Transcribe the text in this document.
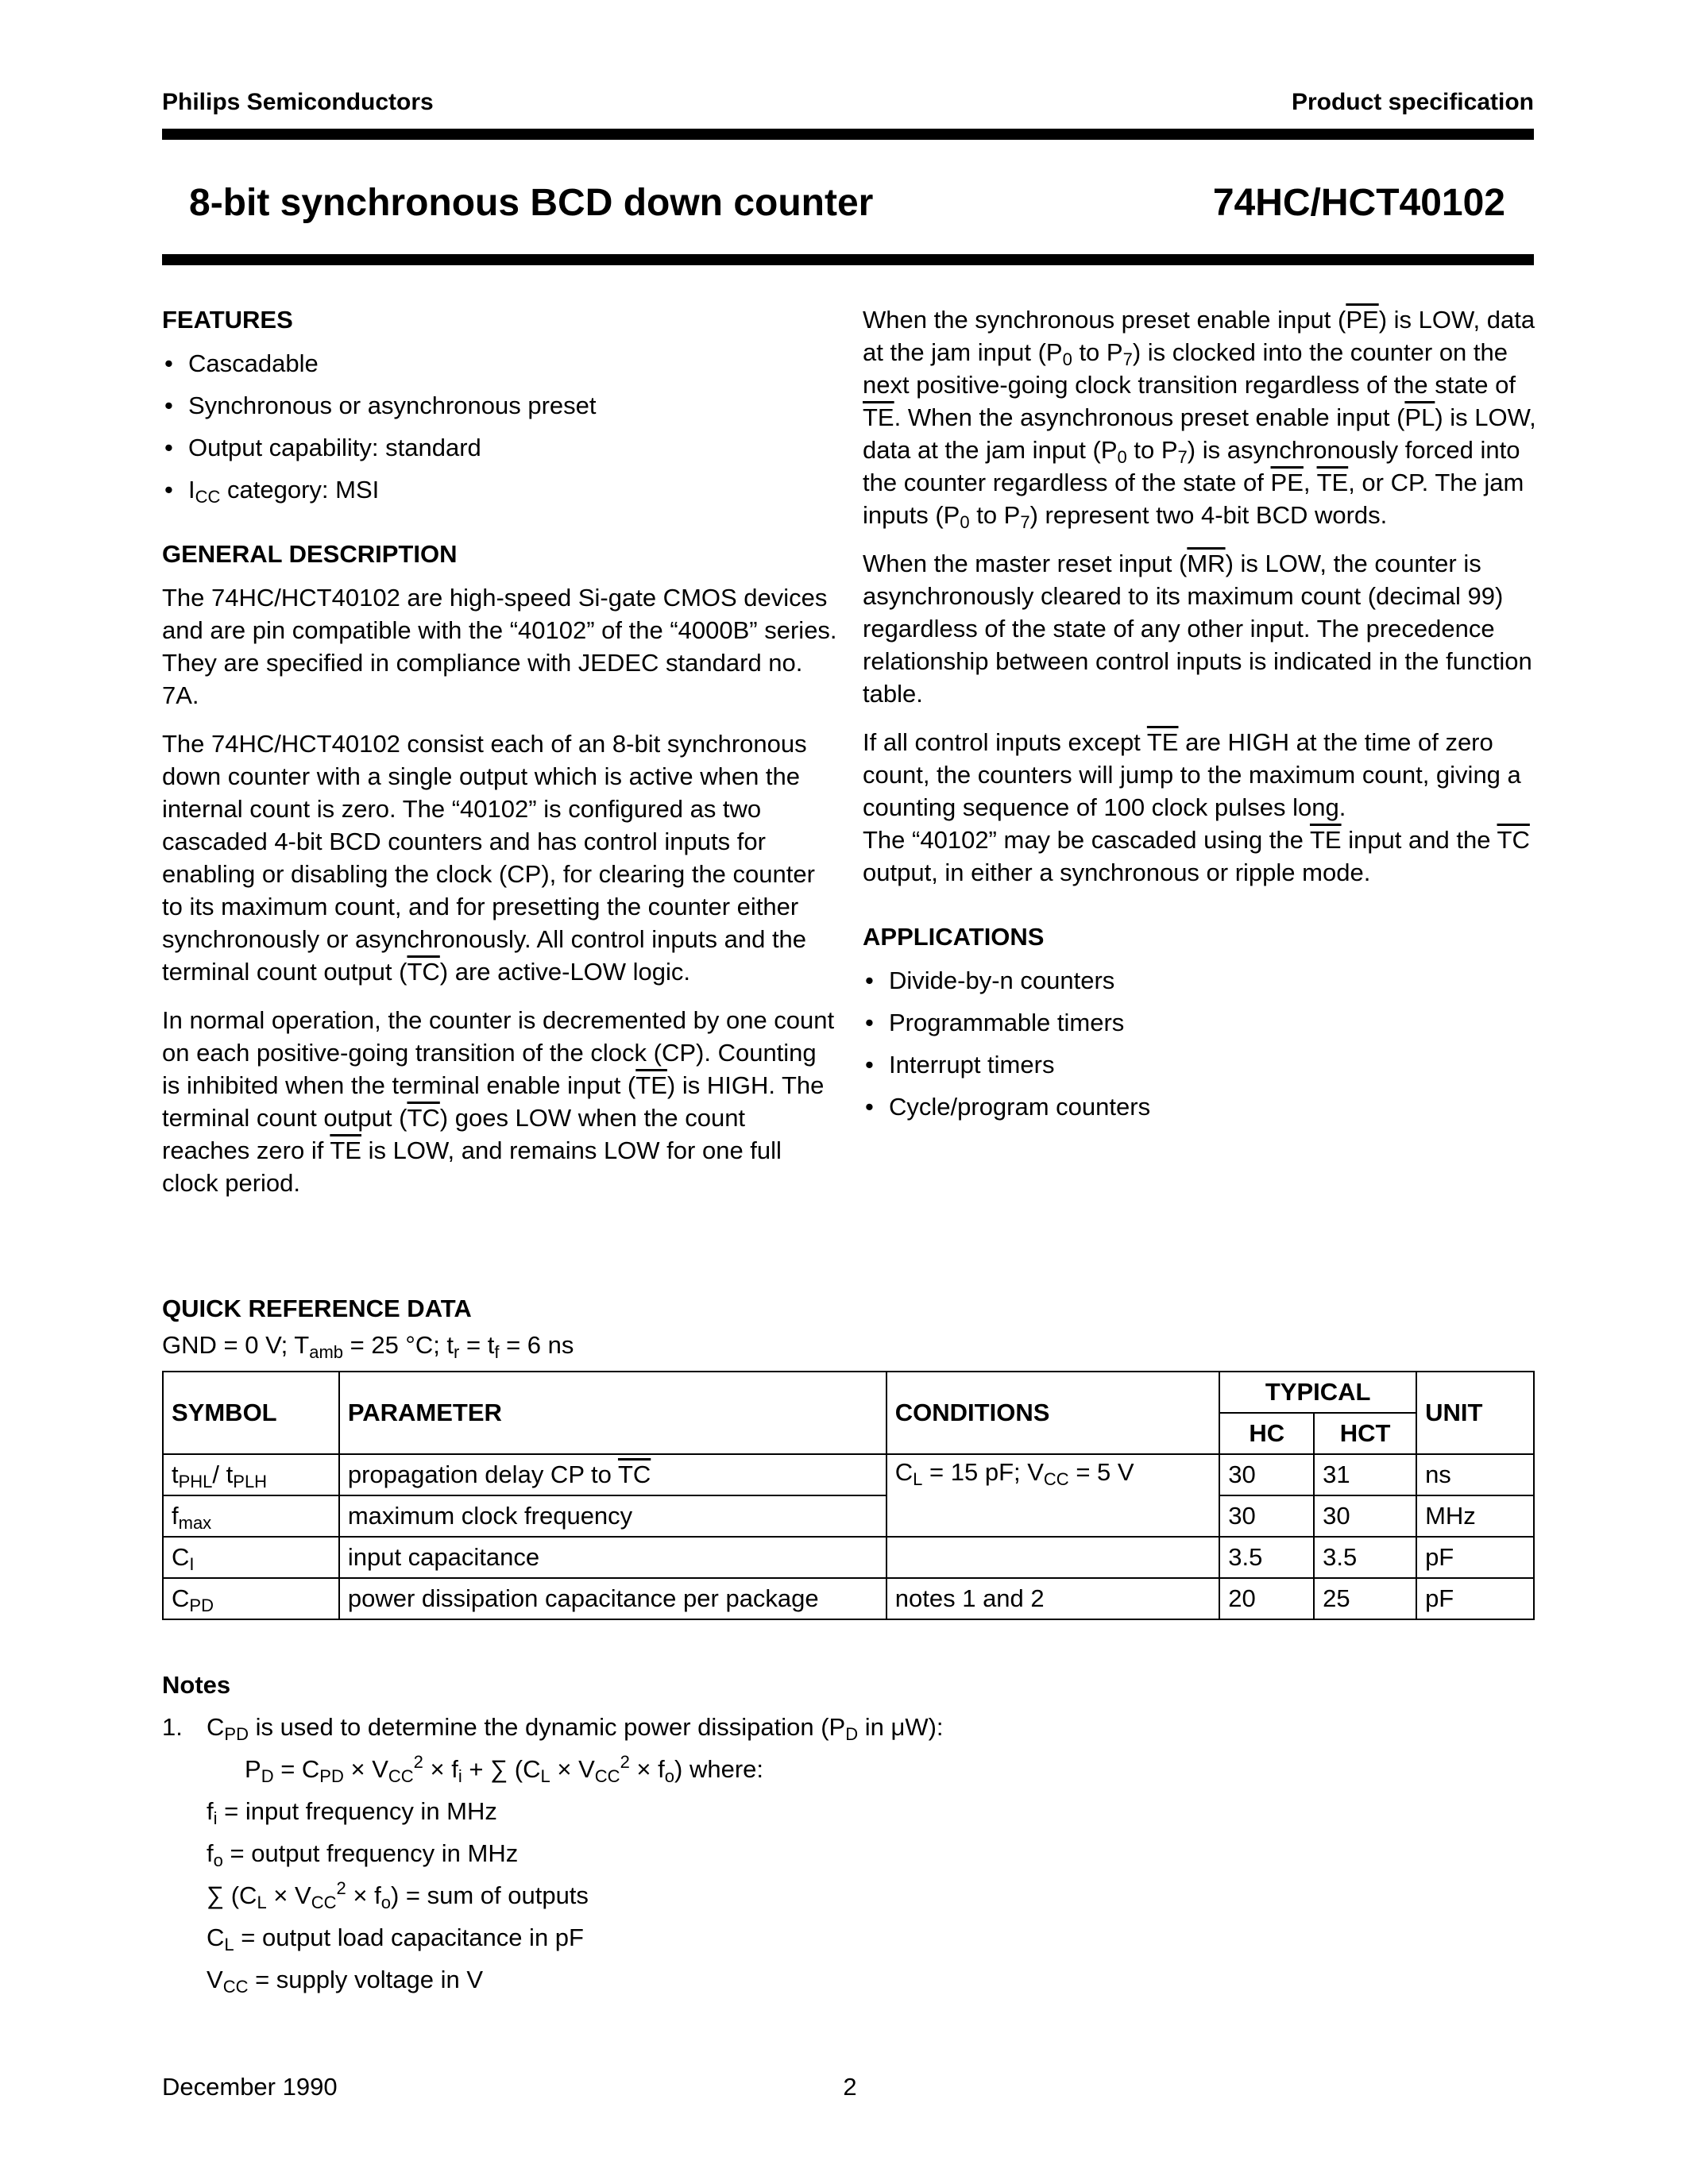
Philips Semiconductors	Product specification
8-bit synchronous BCD down counter	74HC/HCT40102
FEATURES
• Cascadable
• Synchronous or asynchronous preset
• Output capability: standard
• $I_{CC}$ category: MSI
GENERAL DESCRIPTION

The 74HC/HCT40102 are high-speed Si-gate CMOS devices and are pin compatible with the “40102” of the “4000B” series. They are specified in compliance with JEDEC standard no. 7A.

The 74HC/HCT40102 consist each of an 8-bit synchronous down counter with a single output which is active when the internal count is zero. The “40102” is configured as two cascaded 4-bit BCD counters and has control inputs for enabling or disabling the clock (CP), for clearing the counter to its maximum count, and for presetting the counter either synchronously or asynchronously. All control inputs and the terminal count output $(\overline{TC})$ are active-LOW logic.

In normal operation, the counter is decremented by one count on each positive-going transition of the clock (CP). Counting is inhibited when the terminal enable input $(\overline{TE})$ is HIGH. The terminal count output $(\overline{TC})$ goes LOW when the count reaches zero if $\overline{TE}$ is LOW, and remains LOW for one full clock period.

When the synchronous preset enable input $(\overline{PE})$ is LOW, data at the jam input ($P_0$ to $P_7$) is clocked into the counter on the next positive-going clock transition regardless of the state of $\overline{TE}$. When the asynchronous preset enable input $(\overline{PL})$ is LOW, data at the jam input ($P_0$ to $P_7$) is asynchronously forced into the counter regardless of the state of $\overline{PE}$, $\overline{TE}$, or CP. The jam inputs ($P_0$ to $P_7$) represent two 4-bit BCD words.

When the master reset input $(\overline{MR})$ is LOW, the counter is asynchronously cleared to its maximum count (decimal 99) regardless of the state of any other input. The precedence relationship between control inputs is indicated in the function table.

If all control inputs except $\overline{TE}$ are HIGH at the time of zero count, the counters will jump to the maximum count, giving a counting sequence of 100 clock pulses long.

The “40102” may be cascaded using the $\overline{TE}$ input and the $\overline{TC}$ output, in either a synchronous or ripple mode.

APPLICATIONS
• Divide-by-n counters
• Programmable timers
• Interrupt timers
• Cycle/program counters
QUICK REFERENCE DATA
GND = 0 V; $T_{amb} = 25$ °C; $t_r = t_f = 6$ ns
SYMBOL	PARAMETER	CONDITIONS	TYPICAL		UNIT
			HC	HCT	
$t_{PHL}/$ $t_{PLH}$	propagation delay CP to $\overline{TC}$	$C_L = 15$ pF; $V_{CC} = 5$ V	30	31	ns
$f_{max}$	maximum clock frequency		30	30	MHz
$C_I$	input capacitance		3.5	3.5	pF
$C_{PD}$	power dissipation capacitance per package	notes 1 and 2	20	25	pF
Notes
1. $C_{PD}$ is used to determine the dynamic power dissipation ($P_D$ in μW):
$P_D = C_{PD} \times V_{CC}^2 \times f_i$ + ∑ $(C_L \times V_{CC}^2 \times f_o)$ where:
$f_i$ = input frequency in MHz
$f_o$ = output frequency in MHz
∑ $(C_L \times V_{CC}^2 \times f_o)$ = sum of outputs
$C_L$ = output load capacitance in pF
$V_{CC}$ = supply voltage in V
December 1990	2
